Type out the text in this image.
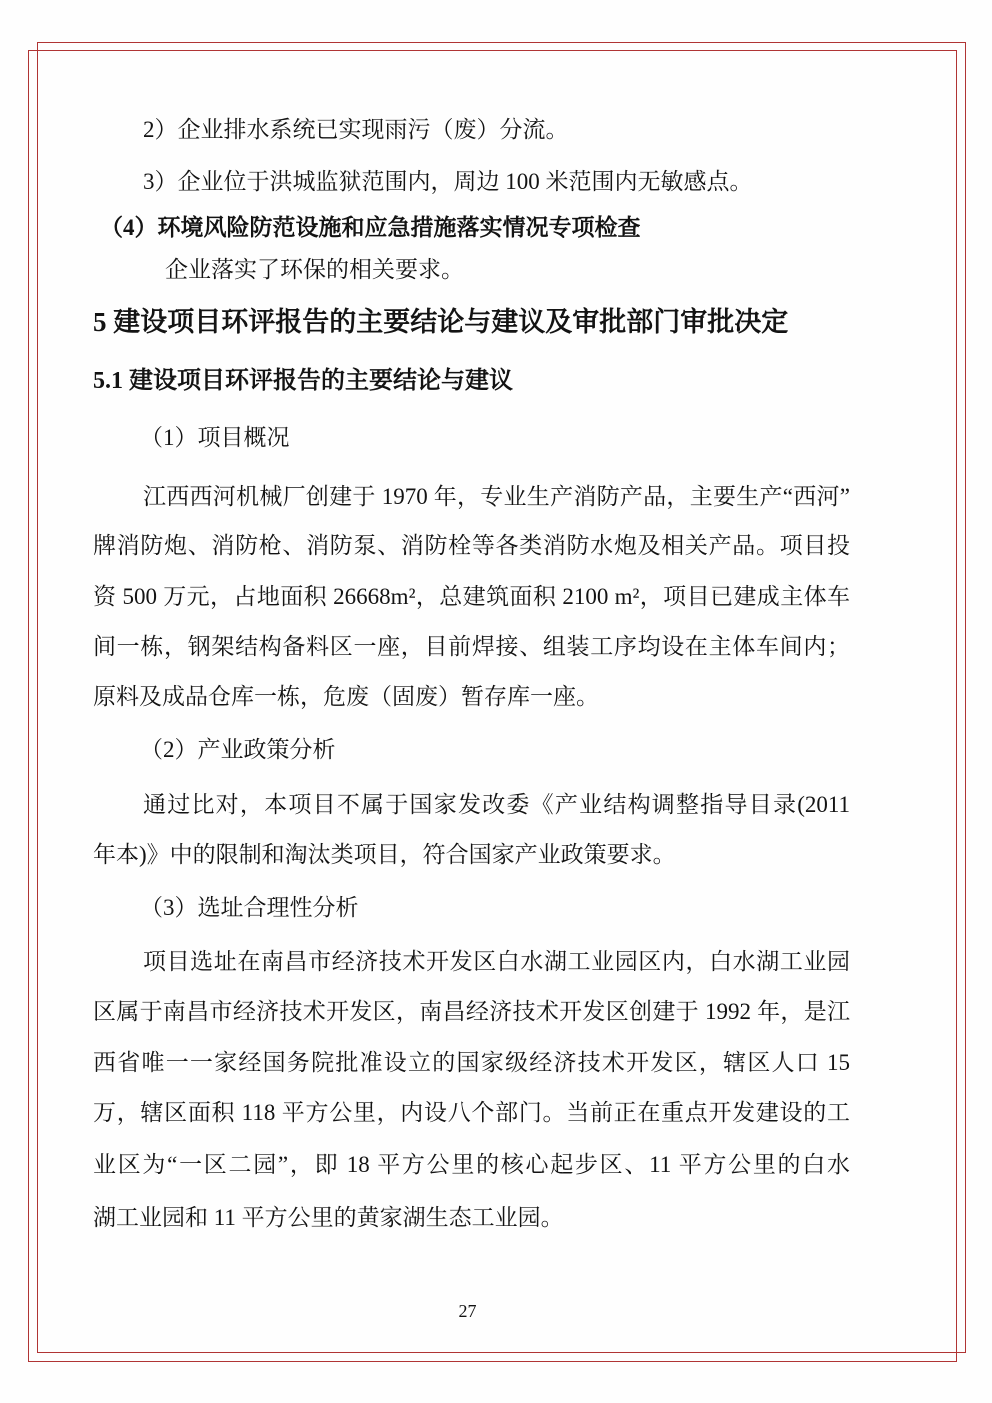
2）企业排水系统已实现雨污（废）分流。
3）企业位于洪城监狱范围内，周边 100 米范围内无敏感点。
（4）环境风险防范设施和应急措施落实情况专项检查
企业落实了环保的相关要求。
5 建设项目环评报告的主要结论与建议及审批部门审批决定
5.1 建设项目环评报告的主要结论与建议
（1）项目概况
江西西河机械厂创建于 1970 年，专业生产消防产品，主要生产“西河”
牌消防炮、消防枪、消防泵、消防栓等各类消防水炮及相关产品。项目投
资 500 万元，占地面积 26668m²，总建筑面积 2100 m²，项目已建成主体车
间一栋，钢架结构备料区一座，目前焊接、组装工序均设在主体车间内；
原料及成品仓库一栋，危废（固废）暂存库一座。
（2）产业政策分析
通过比对，本项目不属于国家发改委《产业结构调整指导目录(2011
年本)》中的限制和淘汰类项目，符合国家产业政策要求。
（3）选址合理性分析
项目选址在南昌市经济技术开发区白水湖工业园区内，白水湖工业园
区属于南昌市经济技术开发区，南昌经济技术开发区创建于 1992 年，是江
西省唯一一家经国务院批准设立的国家级经济技术开发区，辖区人口 15
万，辖区面积 118 平方公里，内设八个部门。当前正在重点开发建设的工
业区为“一区二园”，即 18 平方公里的核心起步区、11 平方公里的白水
湖工业园和 11 平方公里的黄家湖生态工业园。
27
